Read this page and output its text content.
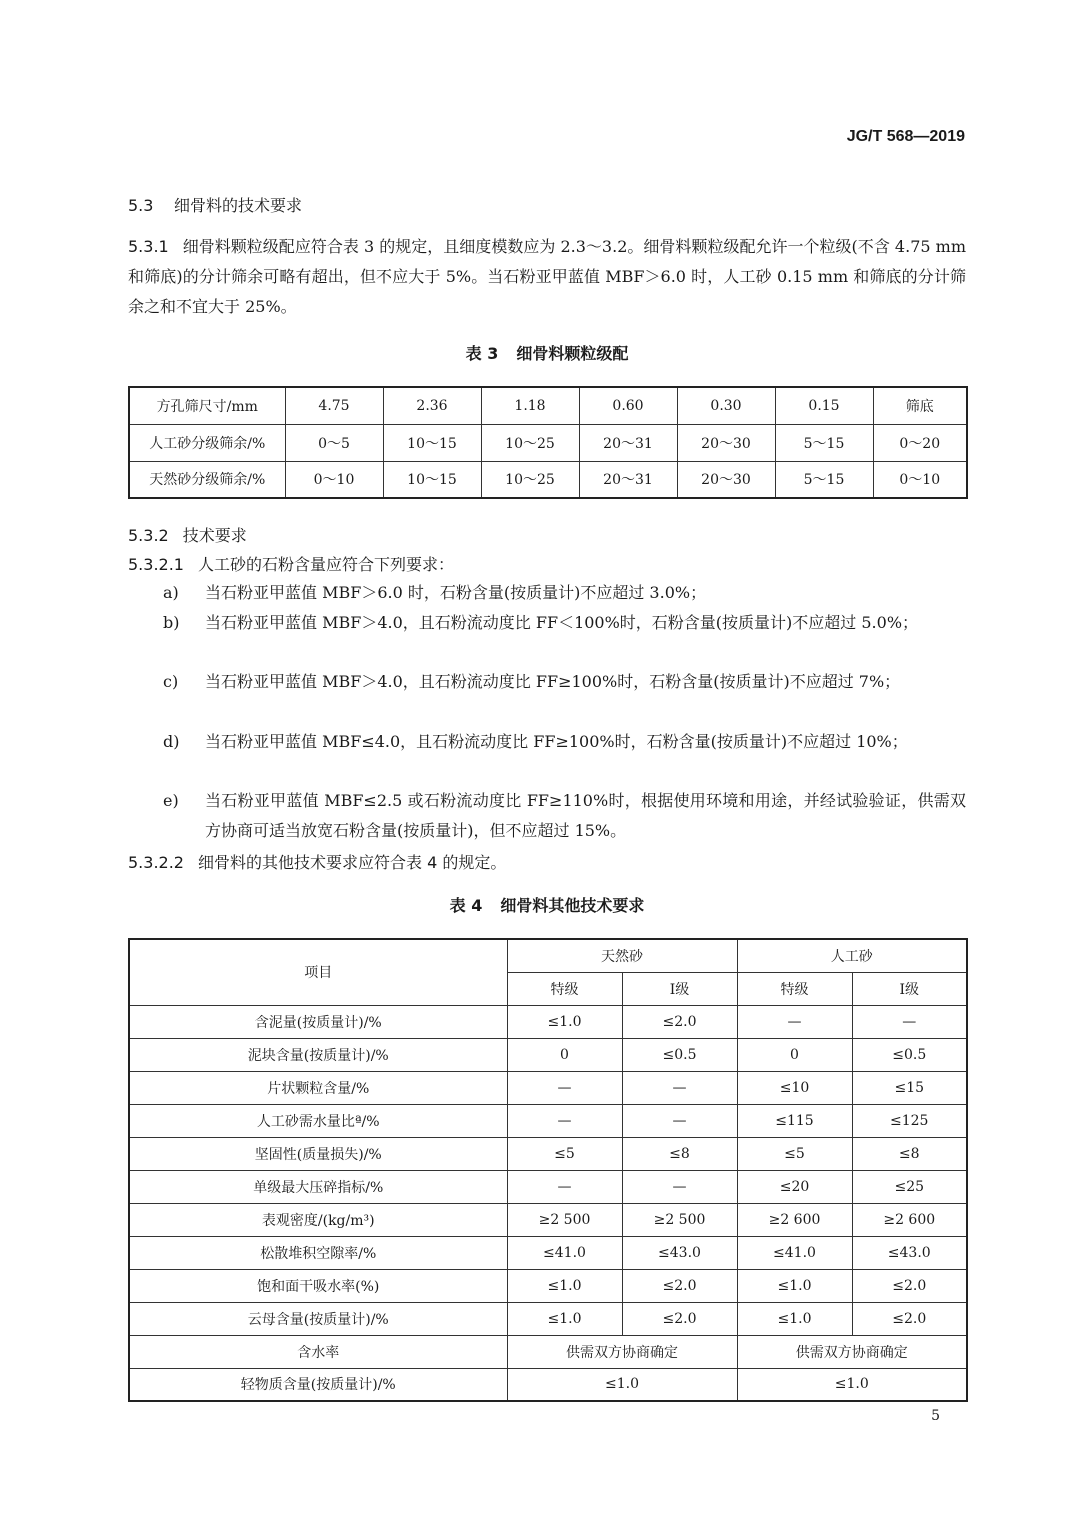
JG/T 568—2019
5.3 细骨料的技术要求
5.3.1 细骨料颗粒级配应符合表 3 的规定，且细度模数应为 2.3～3.2。细骨料颗粒级配允许一个粒级(不含 4.75 mm 和筛底)的分计筛余可略有超出，但不应大于 5%。当石粉亚甲蓝值 MBF＞6.0 时，人工砂 0.15 mm 和筛底的分计筛余之和不宜大于 25%。
表 3 细骨料颗粒级配
方孔筛尺寸/mm	4.75	2.36	1.18	0.60	0.30	0.15	筛底
人工砂分级筛余/%	0～5	10～15	10～25	20～31	20～30	5～15	0～20
天然砂分级筛余/%	0～10	10～15	10～25	20～31	20～30	5～15	0～10
5.3.2 技术要求
5.3.2.1 人工砂的石粉含量应符合下列要求：
a) 当石粉亚甲蓝值 MBF＞6.0 时，石粉含量(按质量计)不应超过 3.0%；
b) 当石粉亚甲蓝值 MBF＞4.0，且石粉流动度比 FF＜100%时，石粉含量(按质量计)不应超过 5.0%；
c) 当石粉亚甲蓝值 MBF＞4.0，且石粉流动度比 FF≥100%时，石粉含量(按质量计)不应超过 7%；
d) 当石粉亚甲蓝值 MBF≤4.0，且石粉流动度比 FF≥100%时，石粉含量(按质量计)不应超过 10%；
e) 当石粉亚甲蓝值 MBF≤2.5 或石粉流动度比 FF≥110%时，根据使用环境和用途，并经试验验证，供需双方协商可适当放宽石粉含量(按质量计)，但不应超过 15%。
5.3.2.2 细骨料的其他技术要求应符合表 4 的规定。
表 4 细骨料其他技术要求
项目	天然砂		人工砂	
	特级	Ⅰ级	特级	Ⅰ级
含泥量(按质量计)/%	≤1.0	≤2.0	—	—
泥块含量(按质量计)/%	0	≤0.5	0	≤0.5
片状颗粒含量/%	—	—	≤10	≤15
人工砂需水量比ª/%	—	—	≤115	≤125
坚固性(质量损失)/%	≤5	≤8	≤5	≤8
单级最大压碎指标/%	—	—	≤20	≤25
表观密度/(kg/m³)	≥2 500	≥2 500	≥2 600	≥2 600
松散堆积空隙率/%	≤41.0	≤43.0	≤41.0	≤43.0
饱和面干吸水率(%)	≤1.0	≤2.0	≤1.0	≤2.0
云母含量(按质量计)/%	≤1.0	≤2.0	≤1.0	≤2.0
含水率	供需双方协商确定		供需双方协商确定	
轻物质含量(按质量计)/%	≤1.0		≤1.0	
5
